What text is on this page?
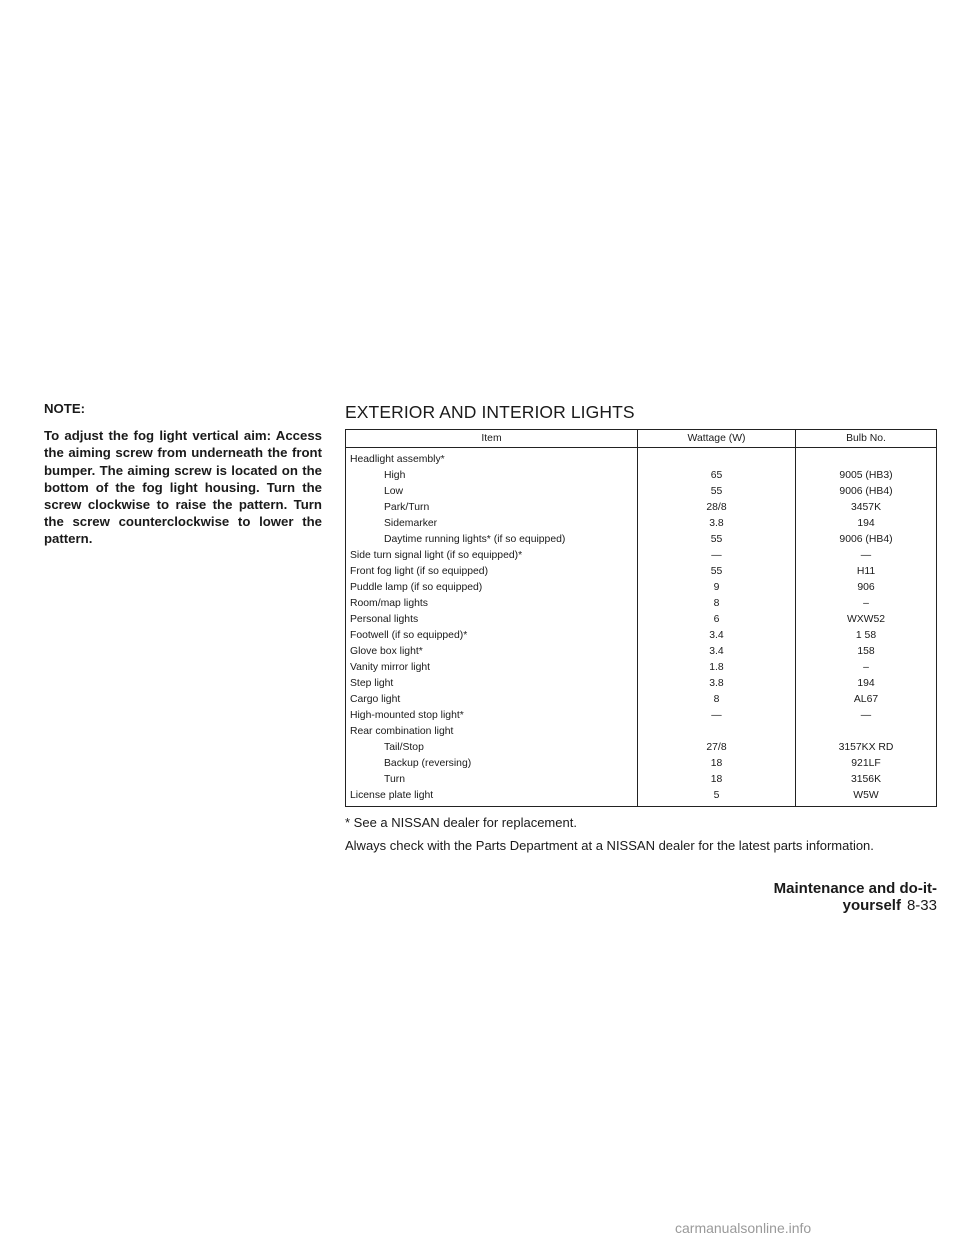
NOTE:

To adjust the fog light vertical aim: Access the aiming screw from underneath the front bumper. The aiming screw is located on the bottom of the fog light housing. Turn the screw clockwise to raise the pattern. Turn the screw counterclockwise to lower the pattern.

EXTERIOR AND INTERIOR LIGHTS
Item	Wattage (W)	Bulb No.
Headlight assembly*		
High	65	9005 (HB3)
Low	55	9006 (HB4)
Park/Turn	28/8	3457K
Sidemarker	3.8	194
Daytime running lights* (if so equipped)	55	9006 (HB4)
Side turn signal light (if so equipped)*	—	—
Front fog light (if so equipped)	55	H11
Puddle lamp (if so equipped)	9	906
Room/map lights	8	–
Personal lights	6	WXW52
Footwell (if so equipped)*	3.4	1 58
Glove box light*	3.4	158
Vanity mirror light	1.8	–
Step light	3.8	194
Cargo light	8	AL67
High-mounted stop light*	—	—
Rear combination light		
Tail/Stop	27/8	3157KX RD
Backup (reversing)	18	921LF
Turn	18	3156K
License plate light	5	W5W

* See a NISSAN dealer for replacement.

Always check with the Parts Department at a NISSAN dealer for the latest parts information.

Maintenance and do-it-yourself 8-33
carmanualsonline.info
